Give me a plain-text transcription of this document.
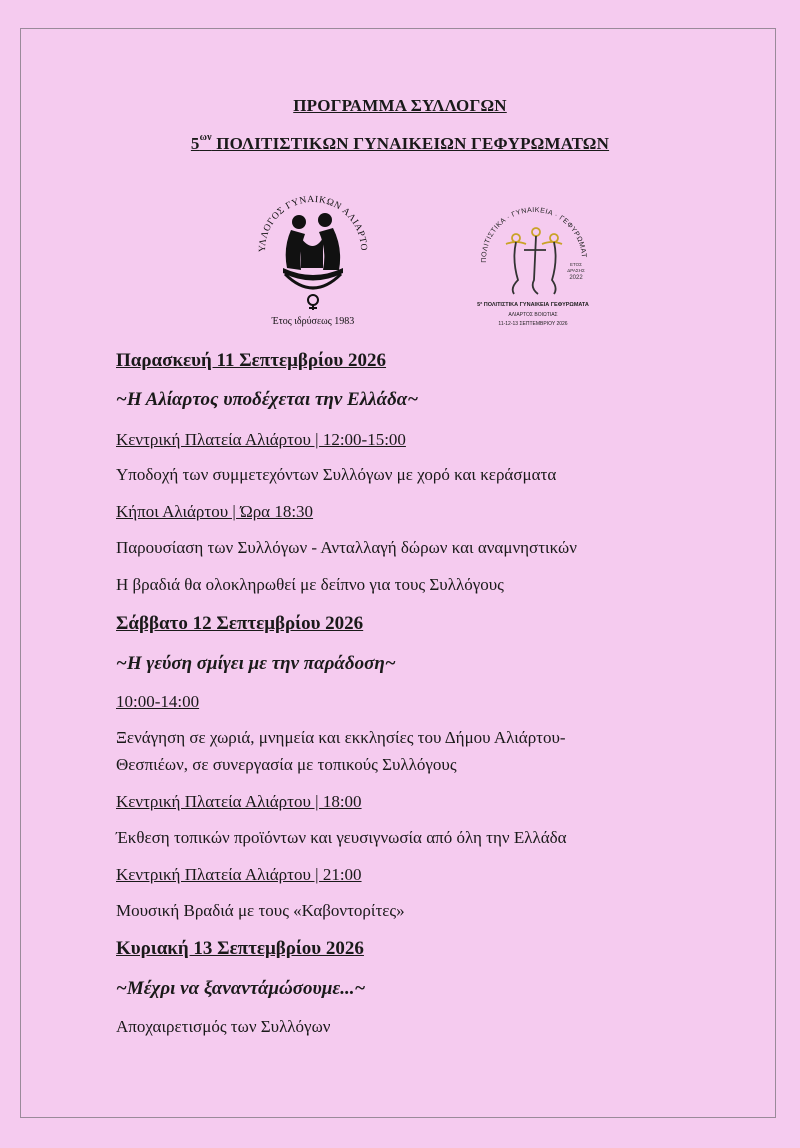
ΠΡΟΓΡΑΜΜΑ ΣΥΛΛΟΓΩΝ
$5^{\omega\nu}$ ΠΟΛΙΤΙΣΤΙΚΩΝ ΓΥΝΑΙΚΕΙΩΝ ΓΕΦΥΡΩΜΑΤΩΝ
ΥΛΛΟΓΟΣ ΓΥΝΑΙΚΩΝ ΑΛΙΑΡΤΟ
Έτος ιδρύσεως 1983
ΠΟΛΙΤΙΣΤΙΚΑ · ΓΥΝΑΙΚΕΙΑ · ΓΕΦΥΡΩΜΑΤ
ΕΤΟΣ
ΔΡΑΣΗΣ
2022
5ª ΠΟΛΙΤΙΣΤΙΚΑ ΓΥΝΑΙΚΕΙΑ ΓΕΦΥΡΩΜΑΤΑ
ΑΛΙΑΡΤΟΣ ΒΟΙΩΤΙΑΣ
11-12-13 ΣΕΠΤΕΜΒΡΙΟΥ 2026
Παρασκευή 11 Σεπτεμβρίου 2026
~Η Αλίαρτος υποδέχεται την Ελλάδα~
Κεντρική Πλατεία Αλιάρτου | 12:00-15:00
Υποδοχή των συμμετεχόντων Συλλόγων με χορό και κεράσματα
Κήποι Αλιάρτου | Ώρα 18:30
Παρουσίαση των Συλλόγων - Ανταλλαγή δώρων και αναμνηστικών
Η βραδιά θα ολοκληρωθεί με δείπνο για τους Συλλόγους
Σάββατο 12 Σεπτεμβρίου 2026
~Η γεύση σμίγει με την παράδοση~
10:00-14:00
Ξενάγηση σε χωριά, μνημεία και εκκλησίες του Δήμου Αλιάρτου-
Θεσπιέων, σε συνεργασία με τοπικούς Συλλόγους
Κεντρική Πλατεία Αλιάρτου | 18:00
Έκθεση τοπικών προϊόντων και γευσιγνωσία από όλη την Ελλάδα
Κεντρική Πλατεία Αλιάρτου | 21:00
Μουσική Βραδιά με τους «Καβοντορίτες»
Κυριακή 13 Σεπτεμβρίου 2026
~Μέχρι να ξαναντάμώσουμε...~
Αποχαιρετισμός των Συλλόγων
